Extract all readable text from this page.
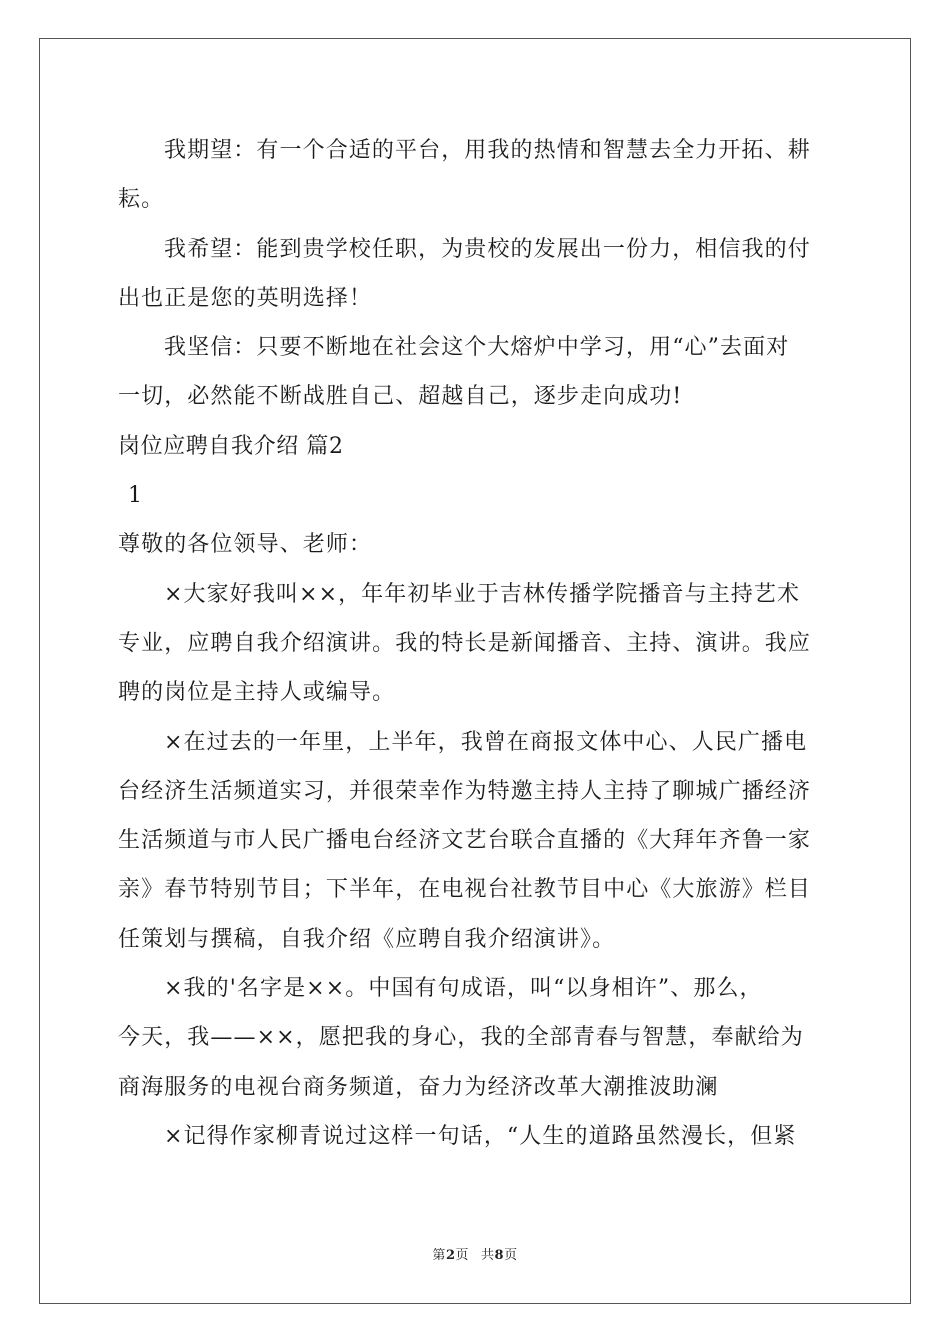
我期望：有一个合适的平台，用我的热情和智慧去全力开拓、耕
耘。
我希望：能到贵学校任职，为贵校的发展出一份力，相信我的付
出也正是您的英明选择！
我坚信：只要不断地在社会这个大熔炉中学习，用“心”去面对
一切，必然能不断战胜自己、超越自己，逐步走向成功!
岗位应聘自我介绍 篇2
1
尊敬的各位领导、老师：
×大家好我叫××，年年初毕业于吉林传播学院播音与主持艺术
专业，应聘自我介绍演讲。我的特长是新闻播音、主持、演讲。我应
聘的岗位是主持人或编导。
×在过去的一年里，上半年，我曾在商报文体中心、人民广播电
台经济生活频道实习，并很荣幸作为特邀主持人主持了聊城广播经济
生活频道与市人民广播电台经济文艺台联合直播的《大拜年齐鲁一家
亲》春节特别节目；下半年，在电视台社教节目中心《大旅游》栏目
任策划与撰稿，自我介绍《应聘自我介绍演讲》。
×我的'名字是××。中国有句成语，叫“以身相许”、那么，
今天，我——××，愿把我的身心，我的全部青春与智慧，奉献给为
商海服务的电视台商务频道，奋力为经济改革大潮推波助澜
×记得作家柳青说过这样一句话，“人生的道路虽然漫长，但紧
第2页 共8页
